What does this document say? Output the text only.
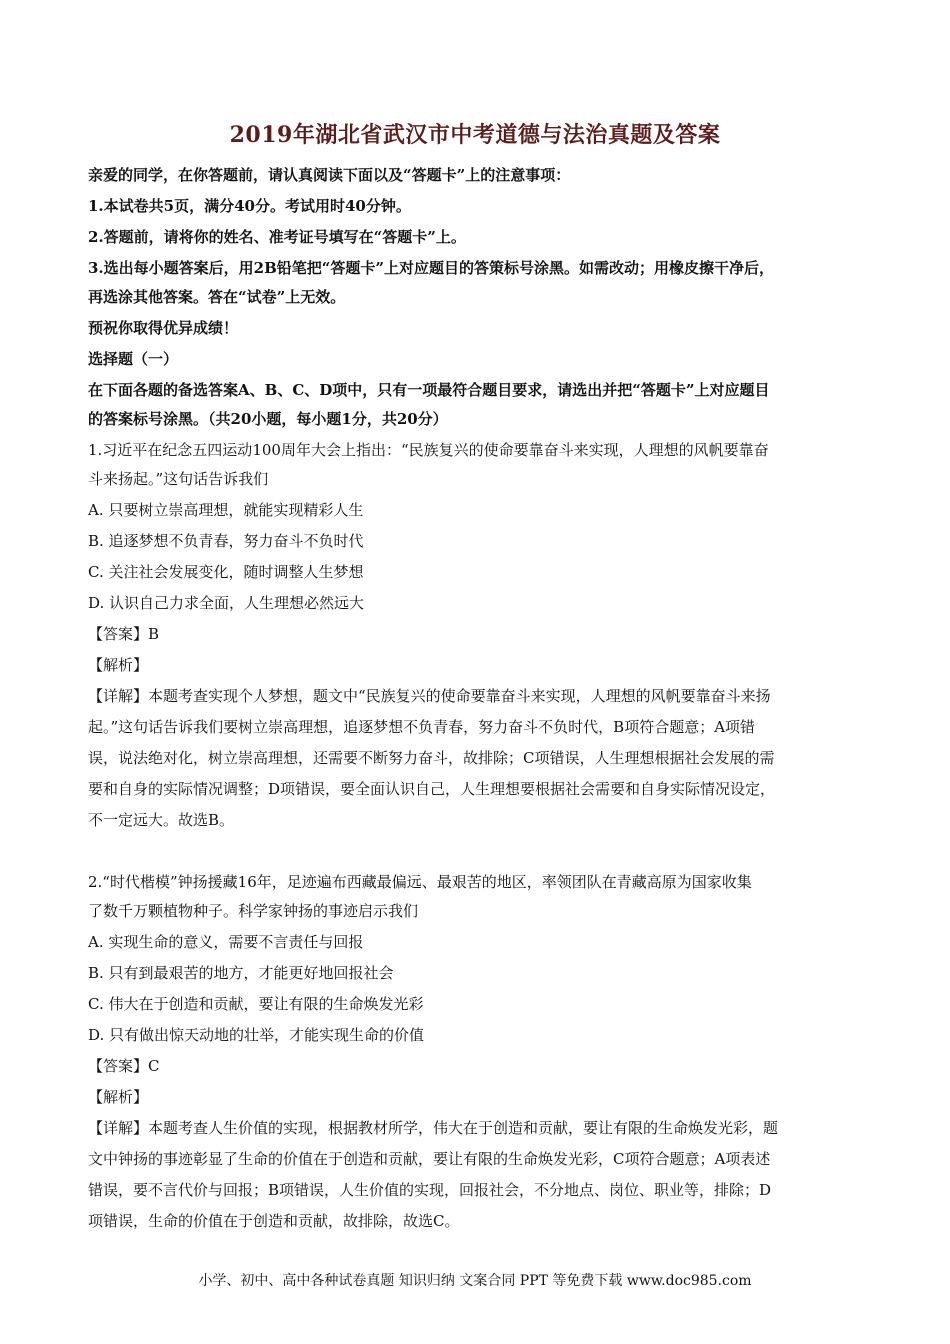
2019年湖北省武汉市中考道德与法治真题及答案
亲爱的同学，在你答题前，请认真阅读下面以及“答题卡”上的注意事项：
1.本试卷共5页，满分40分。考试用时40分钟。
2.答题前，请将你的姓名、准考证号填写在“答题卡”上。
3.选出每小题答案后，用2B铅笔把“答题卡”上对应题目的答策标号涂黑。如需改动；用橡皮擦干净后，
再选涂其他答案。答在“试卷”上无效。
预祝你取得优异成绩！
选择题（一）
在下面各题的备选答案A、B、C、D项中，只有一项最符合题目要求，请选出并把“答题卡”上对应题目
的答案标号涂黑。（共20小题，每小题1分，共20分）
1.习近平在纪念五四运动100周年大会上指出：“民族复兴的使命要靠奋斗来实现，人理想的风帆要靠奋
斗来扬起。”这句话告诉我们
A. 只要树立崇高理想，就能实现精彩人生
B. 追逐梦想不负青春，努力奋斗不负时代
C. 关注社会发展变化，随时调整人生梦想
D. 认识自己力求全面，人生理想必然远大
【答案】B
【解析】
【详解】本题考查实现个人梦想，题文中“民族复兴的使命要靠奋斗来实现，人理想的风帆要靠奋斗来扬
起。”这句话告诉我们要树立崇高理想，追逐梦想不负青春，努力奋斗不负时代，B项符合题意；A项错
误，说法绝对化，树立崇高理想，还需要不断努力奋斗，故排除；C项错误，人生理想根据社会发展的需
要和自身的实际情况调整；D项错误，要全面认识自己，人生理想要根据社会需要和自身实际情况设定，
不一定远大。故选B。
2.“时代楷模”钟扬援藏16年，足迹遍布西藏最偏远、最艰苦的地区，率领团队在青藏高原为国家收集
了数千万颗植物种子。科学家钟扬的事迹启示我们
A. 实现生命的意义，需要不言责任与回报
B. 只有到最艰苦的地方，才能更好地回报社会
C. 伟大在于创造和贡献，要让有限的生命焕发光彩
D. 只有做出惊天动地的壮举，才能实现生命的价值
【答案】C
【解析】
【详解】本题考查人生价值的实现，根据教材所学，伟大在于创造和贡献，要让有限的生命焕发光彩，题
文中钟扬的事迹彰显了生命的价值在于创造和贡献，要让有限的生命焕发光彩，C项符合题意；A项表述
错误，要不言代价与回报；B项错误，人生价值的实现，回报社会，不分地点、岗位、职业等，排除；D
项错误，生命的价值在于创造和贡献，故排除，故选C。
小学、初中、高中各种试卷真题 知识归纳 文案合同 PPT 等免费下载 www.doc985.com
